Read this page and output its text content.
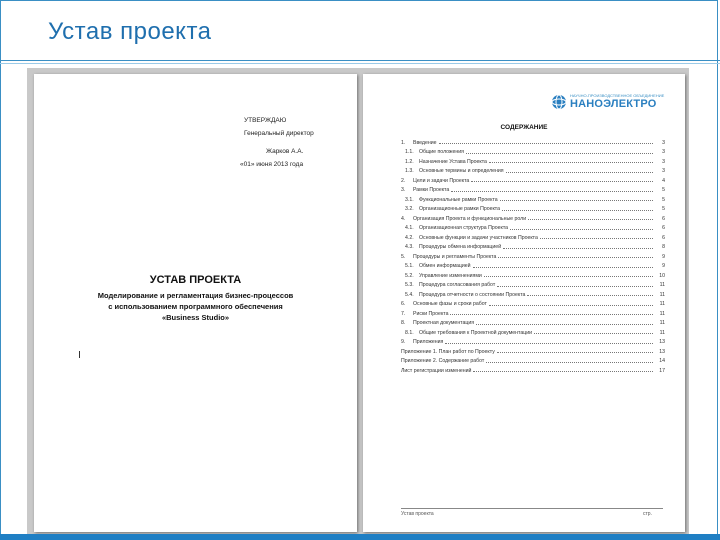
Устав проекта
УТВЕРЖДАЮ
Генеральный директор
Жарков А.А.
«01» июня 2013 года
УСТАВ ПРОЕКТА
Моделирование и регламентация бизнес-процессов
с использованием программного обеспечения
«Business Studio»
НАУЧНО-ПРОИЗВОДСТВЕННОЕ ОБЪЕДИНЕНИЕ
НАНОЭЛЕКТРО
СОДЕРЖАНИЕ
1.	Введение	3
1.1.	Общие положения	3
1.2.	Назначение Устава Проекта	3
1.3.	Основные термины и определения	3
2.	Цели и задачи Проекта	4
3.	Рамки Проекта	5
3.1.	Функциональные рамки Проекта	5
3.2.	Организационные рамки Проекта	5
4.	Организация Проекта и функциональные роли	6
4.1.	Организационная структура Проекта	6
4.2.	Основные функции и задачи участников Проекта	6
4.3.	Процедуры обмена информацией	8
5.	Процедуры и регламенты Проекта	9
5.1.	Обмен информацией	9
5.2.	Управление изменениями	10
5.3.	Процедура согласования работ	11
5.4.	Процедура отчетности о состоянии Проекта	11
6.	Основные фазы и сроки работ	11
7.	Риски Проекта	11
8.	Проектная документация	11
8.1.	Общие требования к Проектной документации	11
9.	Приложения	13
Приложение 1. План работ по Проекту	13
Приложение 2. Содержание работ	14
Лист регистрации изменений	17
Устав проекта	стр.
